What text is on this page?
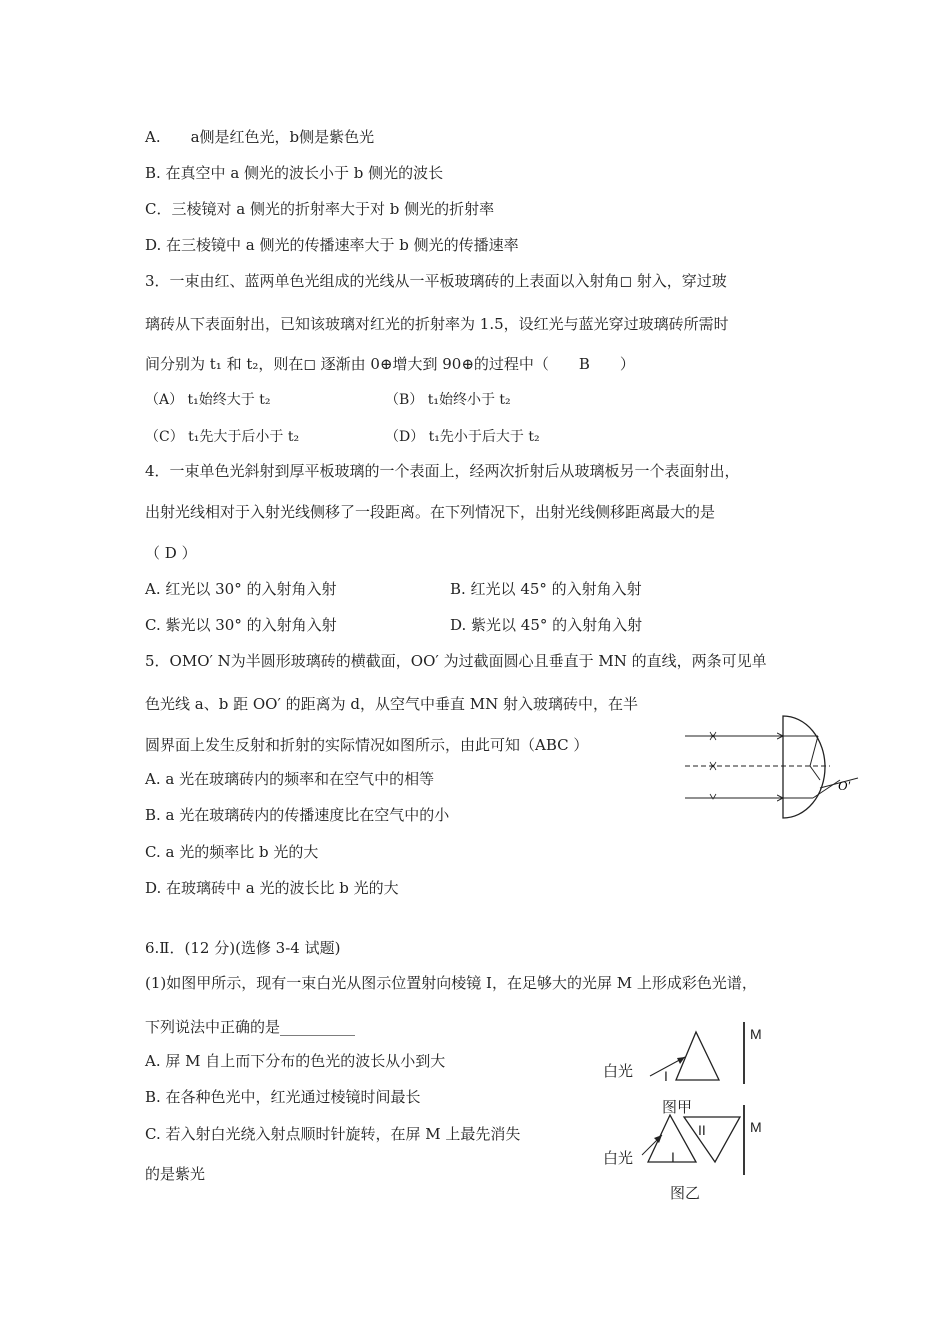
A.　　a侧是红色光，b侧是紫色光
B. 在真空中 a 侧光的波长小于 b 侧光的波长
C．三棱镜对 a 侧光的折射率大于对 b 侧光的折射率
D. 在三棱镜中 a 侧光的传播速率大于 b 侧光的传播速率
3．一束由红、蓝两单色光组成的光线从一平板玻璃砖的上表面以入射角◻ 射入，穿过玻
璃砖从下表面射出，已知该玻璃对红光的折射率为 1.5，设红光与蓝光穿过玻璃砖所需时
间分别为 t₁ 和 t₂，则在◻ 逐渐由 0⊕增大到 90⊕的过程中（　　B　　）
（A） t₁始终大于 t₂	（B） t₁始终小于 t₂
（C） t₁先大于后小于 t₂	（D） t₁先小于后大于 t₂
4．一束单色光斜射到厚平板玻璃的一个表面上，经两次折射后从玻璃板另一个表面射出，
出射光线相对于入射光线侧移了一段距离。在下列情况下，出射光线侧移距离最大的是
（ D ）
A. 红光以 30° 的入射角入射	B. 红光以 45° 的入射角入射
C. 紫光以 30° 的入射角入射	D. 紫光以 45° 的入射角入射
5．OMO′ N为半圆形玻璃砖的横截面，OO′ 为过截面圆心且垂直于 MN 的直线，两条可见单
色光线 a、b 距 OO′ 的距离为 d，从空气中垂直 MN 射入玻璃砖中，在半
圆界面上发生反射和折射的实际情况如图所示，由此可知（ABC ）
A. a 光在玻璃砖内的频率和在空气中的相等
B. a 光在玻璃砖内的传播速度比在空气中的小
C. a 光的频率比 b 光的大
D. 在玻璃砖中 a 光的波长比 b 光的大
O′
6.Ⅱ．(12 分)(选修 3-4 试题)
(1)如图甲所示，现有一束白光从图示位置射向棱镜 I，在足够大的光屏 M 上形成彩色光谱，
下列说法中正确的是__________
A. 屏 M 自上而下分布的色光的波长从小到大
B. 在各种色光中，红光通过棱镜时间最长
C. 若入射白光绕入射点顺时针旋转，在屏 M 上最先消失
的是紫光
白光 I
M
图甲
白光	I
II	M
图乙
